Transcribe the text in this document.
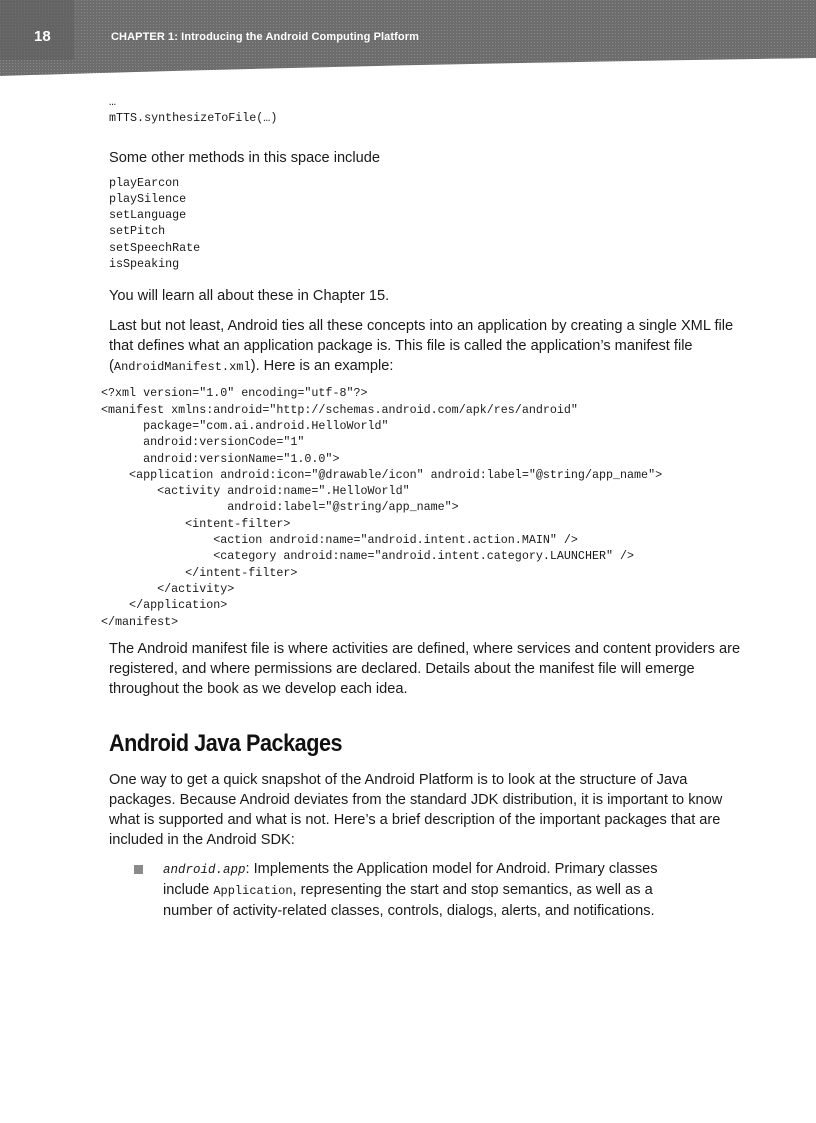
18	CHAPTER 1: Introducing the Android Computing Platform
…
mTTS.synthesizeToFile(…)

Some other methods in this space include

playEarcon
playSilence
setLanguage
setPitch
setSpeechRate
isSpeaking

You will learn all about these in Chapter 15.

Last but not least, Android ties all these concepts into an application by creating a single XML file that defines what an application package is. This file is called the application’s manifest file (AndroidManifest.xml). Here is an example:

<?xml version="1.0" encoding="utf-8"?>
<manifest xmlns:android="http://schemas.android.com/apk/res/android"
package="com.ai.android.HelloWorld"
android:versionCode="1"
android:versionName="1.0.0">
<application android:icon="@drawable/icon" android:label="@string/app_name">
<activity android:name=".HelloWorld"
android:label="@string/app_name">
<intent-filter>
<action android:name="android.intent.action.MAIN" />
<category android:name="android.intent.category.LAUNCHER" />
</intent-filter>
</activity>
</application>
</manifest>

The Android manifest file is where activities are defined, where services and content providers are registered, and where permissions are declared. Details about the manifest file will emerge throughout the book as we develop each idea.

Android Java Packages

One way to get a quick snapshot of the Android Platform is to look at the structure of Java packages. Because Android deviates from the standard JDK distribution, it is important to know what is supported and what is not. Here’s a brief description of the important packages that are included in the Android SDK:

android.app: Implements the Application model for Android. Primary classes include Application, representing the start and stop semantics, as well as a number of activity-related classes, controls, dialogs, alerts, and notifications.
